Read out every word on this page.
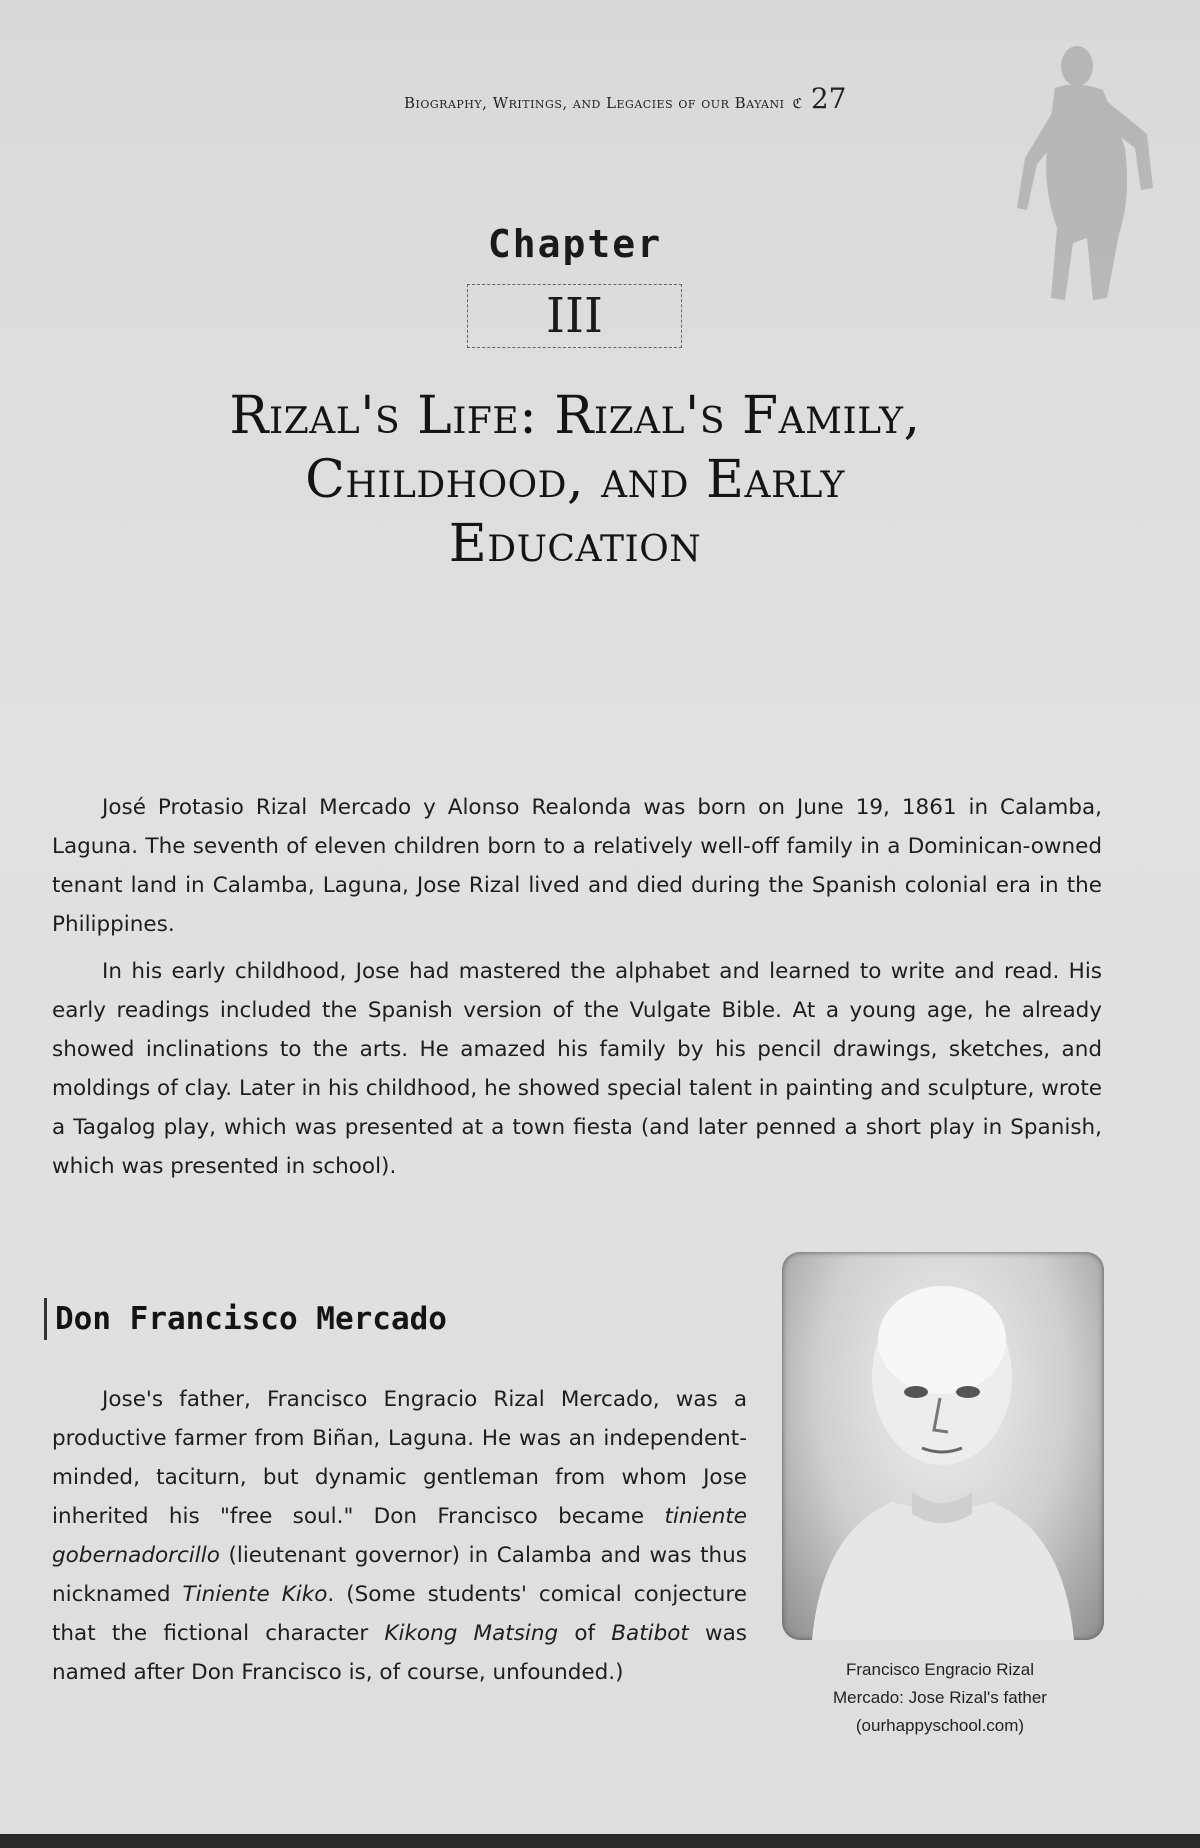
Biography, Writings, and Legacies of our Bayani ℭ 27
Chapter
III
Rizal's Life: Rizal's Family,
Childhood, and Early
Education

José Protasio Rizal Mercado y Alonso Realonda was born on June 19, 1861 in Calamba, Laguna. The seventh of eleven children born to a relatively well-off family in a Dominican-owned tenant land in Calamba, Laguna, Jose Rizal lived and died during the Spanish colonial era in the Philippines.

In his early childhood, Jose had mastered the alphabet and learned to write and read. His early readings included the Spanish version of the Vulgate Bible. At a young age, he already showed inclinations to the arts. He amazed his family by his pencil drawings, sketches, and moldings of clay. Later in his childhood, he showed special talent in painting and sculpture, wrote a Tagalog play, which was presented at a town fiesta (and later penned a short play in Spanish, which was presented in school).

Don Francisco Mercado

Jose's father, Francisco Engracio Rizal Mercado, was a productive farmer from Biñan, Laguna. He was an independent-minded, taciturn, but dynamic gentleman from whom Jose inherited his "free soul." Don Francisco became tiniente gobernadorcillo (lieutenant governor) in Calamba and was thus nicknamed Tiniente Kiko. (Some students' comical conjecture that the fictional character Kikong Matsing of Batibot was named after Don Francisco is, of course, unfounded.)	Francisco Engracio Rizal
Mercado: Jose Rizal's father
(ourhappyschool.com)
